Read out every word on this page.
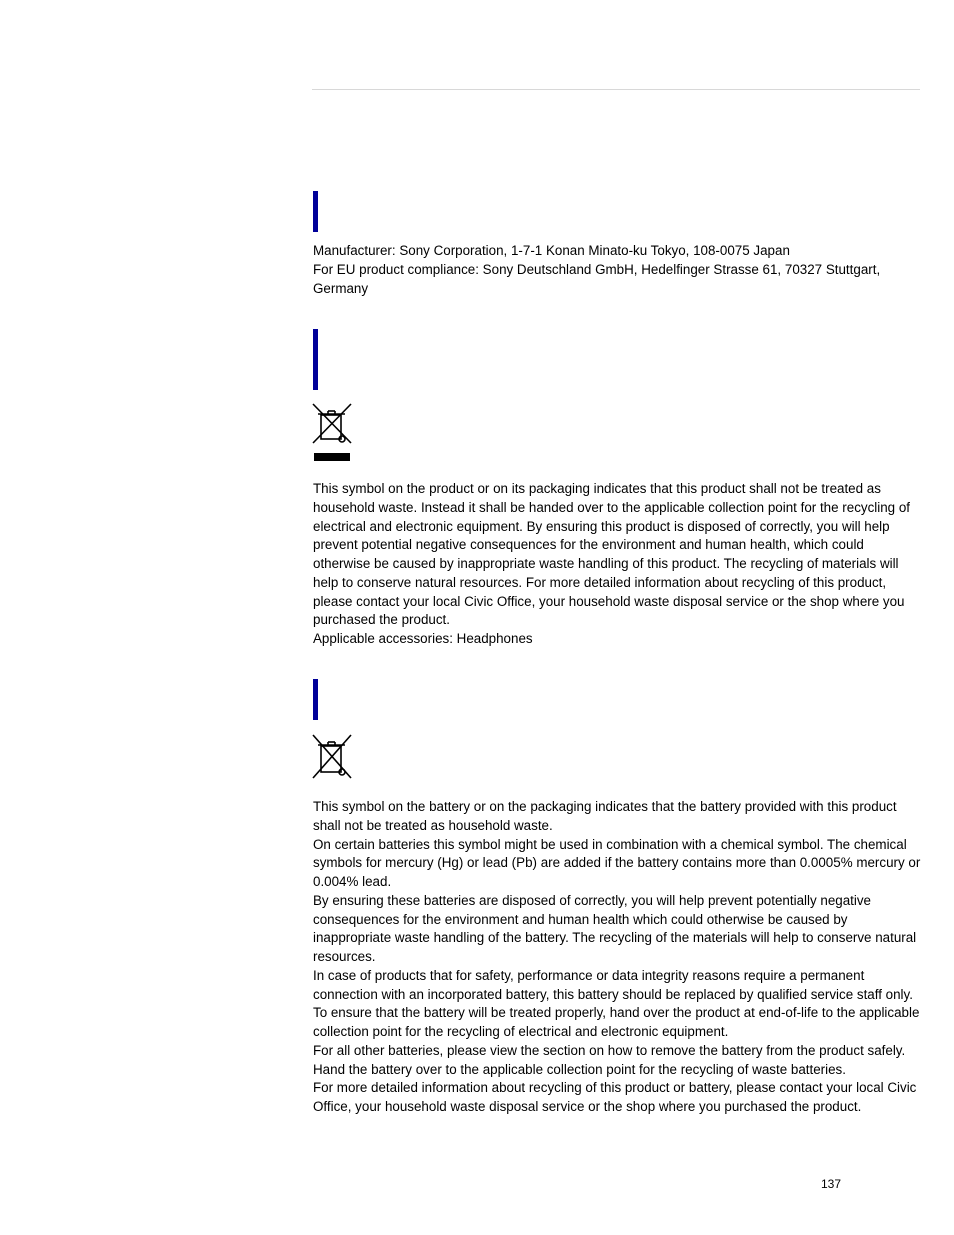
Manufacturer: Sony Corporation, 1-7-1 Konan Minato-ku Tokyo, 108-0075 Japan

For EU product compliance: Sony Deutschland GmbH, Hedelfinger Strasse 61, 70327 Stuttgart, Germany

This symbol on the product or on its packaging indicates that this product shall not be treated as household waste. Instead it shall be handed over to the applicable collection point for the recycling of electrical and electronic equipment. By ensuring this product is disposed of correctly, you will help prevent potential negative consequences for the environment and human health, which could otherwise be caused by inappropriate waste handling of this product. The recycling of materials will help to conserve natural resources. For more detailed information about recycling of this product, please contact your local Civic Office, your household waste disposal service or the shop where you purchased the product.

Applicable accessories: Headphones

This symbol on the battery or on the packaging indicates that the battery provided with this product shall not be treated as household waste.

On certain batteries this symbol might be used in combination with a chemical symbol. The chemical symbols for mercury (Hg) or lead (Pb) are added if the battery contains more than 0.0005% mercury or 0.004% lead.

By ensuring these batteries are disposed of correctly, you will help prevent potentially negative consequences for the environment and human health which could otherwise be caused by inappropriate waste handling of the battery. The recycling of the materials will help to conserve natural resources.

In case of products that for safety, performance or data integrity reasons require a permanent connection with an incorporated battery, this battery should be replaced by qualified service staff only.

To ensure that the battery will be treated properly, hand over the product at end-of-life to the applicable collection point for the recycling of electrical and electronic equipment.

For all other batteries, please view the section on how to remove the battery from the product safely. Hand the battery over to the applicable collection point for the recycling of waste batteries.

For more detailed information about recycling of this product or battery, please contact your local Civic Office, your household waste disposal service or the shop where you purchased the product.

137
